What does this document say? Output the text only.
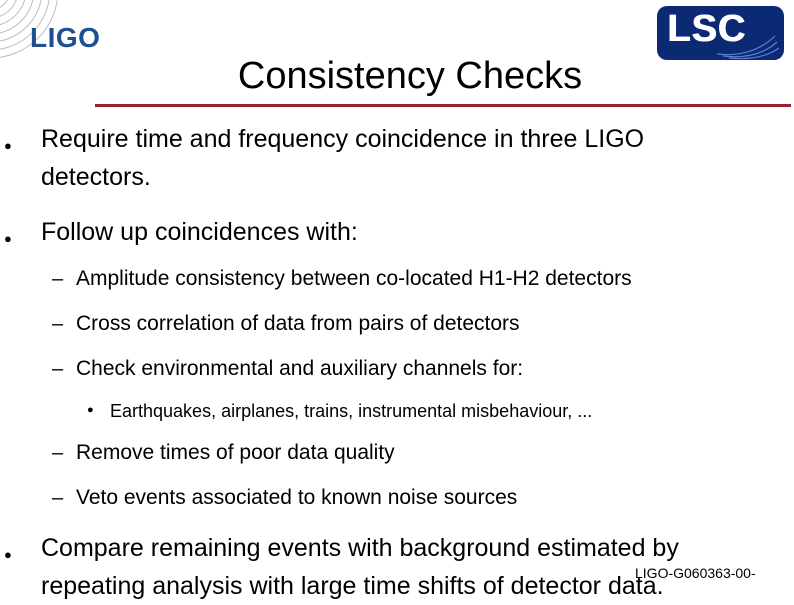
LIGO	LSC
Consistency Checks
● Require time and frequency coincidence in three LIGO
detectors.
● Follow up coincidences with:
– Amplitude consistency between co-located H1-H2 detectors
– Cross correlation of data from pairs of detectors
– Check environmental and auxiliary channels for:
● Earthquakes, airplanes, trains, instrumental misbehaviour, ...
– Remove times of poor data quality
– Veto events associated to known noise sources
● Compare remaining events with background estimated by
repeating analysis with large time shifts of detector data.
LIGO-G060363-00-
